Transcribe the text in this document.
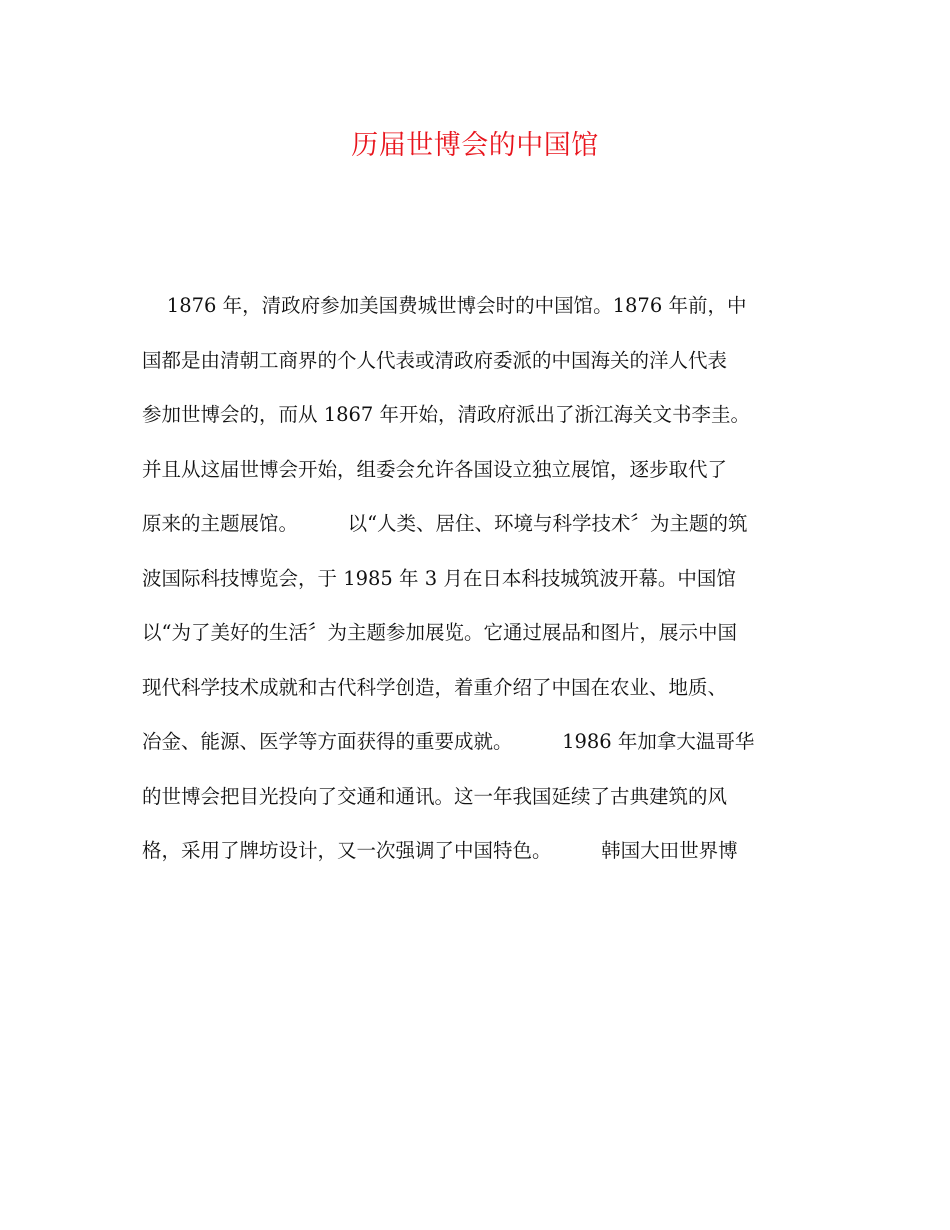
历届世博会的中国馆
1876 年，清政府参加美国费城世博会时的中国馆。1876 年前，中
国都是由清朝工商界的个人代表或清政府委派的中国海关的洋人代表
参加世博会的，而从 1867 年开始，清政府派出了浙江海关文书李圭。
并且从这届世博会开始，组委会允许各国设立独立展馆，逐步取代了
原来的主题展馆。        以“人类、居住、环境与科学技术〞为主题的筑
波国际科技博览会，于 1985 年 3 月在日本科技城筑波开幕。中国馆
以“为了美好的生活〞为主题参加展览。它通过展品和图片，展示中国
现代科学技术成就和古代科学创造，着重介绍了中国在农业、地质、
冶金、能源、医学等方面获得的重要成就。        1986 年加拿大温哥华
的世博会把目光投向了交通和通讯。这一年我国延续了古典建筑的风
格，采用了牌坊设计，又一次强调了中国特色。        韩国大田世界博
